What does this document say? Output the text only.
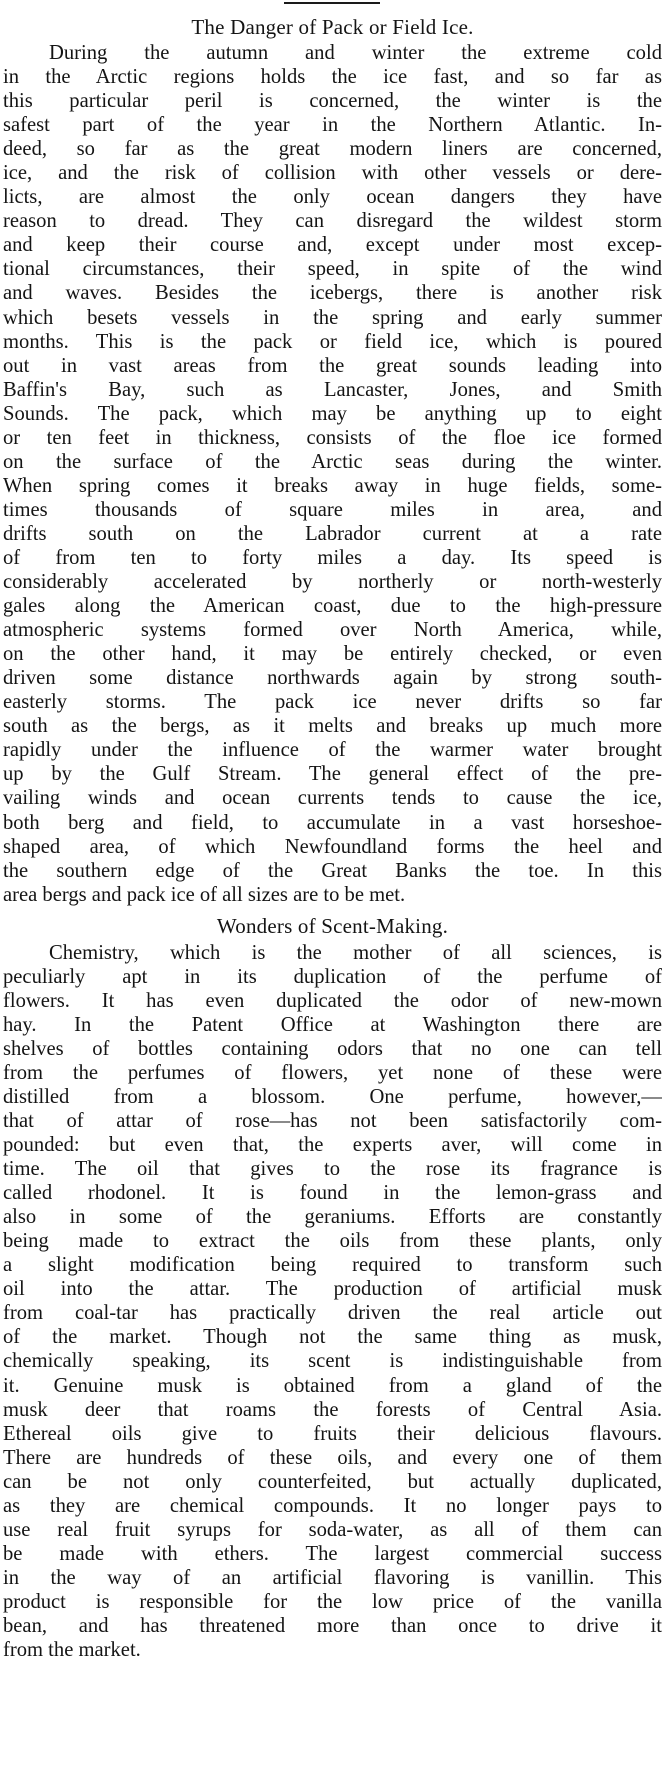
The Danger of Pack or Field Ice.
During the autumn and winter the extreme cold
in the Arctic regions holds the ice fast, and so far as
this particular peril is concerned, the winter is the
safest part of the year in the Northern Atlantic. In-
deed, so far as the great modern liners are concerned,
ice, and the risk of collision with other vessels or dere-
licts, are almost the only ocean dangers they have
reason to dread. They can disregard the wildest storm
and keep their course and, except under most excep-
tional circumstances, their speed, in spite of the wind
and waves. Besides the icebergs, there is another risk
which besets vessels in the spring and early summer
months. This is the pack or field ice, which is poured
out in vast areas from the great sounds leading into
Baffin's Bay, such as Lancaster, Jones, and Smith
Sounds. The pack, which may be anything up to eight
or ten feet in thickness, consists of the floe ice formed
on the surface of the Arctic seas during the winter.
When spring comes it breaks away in huge fields, some-
times thousands of square miles in area, and
drifts south on the Labrador current at a rate
of from ten to forty miles a day. Its speed is
considerably accelerated by northerly or north-westerly
gales along the American coast, due to the high-pressure
atmospheric systems formed over North America, while,
on the other hand, it may be entirely checked, or even
driven some distance northwards again by strong south-
easterly storms. The pack ice never drifts so far
south as the bergs, as it melts and breaks up much more
rapidly under the influence of the warmer water brought
up by the Gulf Stream. The general effect of the pre-
vailing winds and ocean currents tends to cause the ice,
both berg and field, to accumulate in a vast horseshoe-
shaped area, of which Newfoundland forms the heel and
the southern edge of the Great Banks the toe. In this
area bergs and pack ice of all sizes are to be met.
Wonders of Scent-Making.
Chemistry, which is the mother of all sciences, is
peculiarly apt in its duplication of the perfume of
flowers. It has even duplicated the odor of new-mown
hay. In the Patent Office at Washington there are
shelves of bottles containing odors that no one can tell
from the perfumes of flowers, yet none of these were
distilled from a blossom. One perfume, however,—
that of attar of rose—has not been satisfactorily com-
pounded: but even that, the experts aver, will come in
time. The oil that gives to the rose its fragrance is
called rhodonel. It is found in the lemon-grass and
also in some of the geraniums. Efforts are constantly
being made to extract the oils from these plants, only
a slight modification being required to transform such
oil into the attar. The production of artificial musk
from coal-tar has practically driven the real article out
of the market. Though not the same thing as musk,
chemically speaking, its scent is indistinguishable from
it. Genuine musk is obtained from a gland of the
musk deer that roams the forests of Central Asia.
Ethereal oils give to fruits their delicious flavours.
There are hundreds of these oils, and every one of them
can be not only counterfeited, but actually duplicated,
as they are chemical compounds. It no longer pays to
use real fruit syrups for soda-water, as all of them can
be made with ethers. The largest commercial success
in the way of an artificial flavoring is vanillin. This
product is responsible for the low price of the vanilla
bean, and has threatened more than once to drive it
from the market.
